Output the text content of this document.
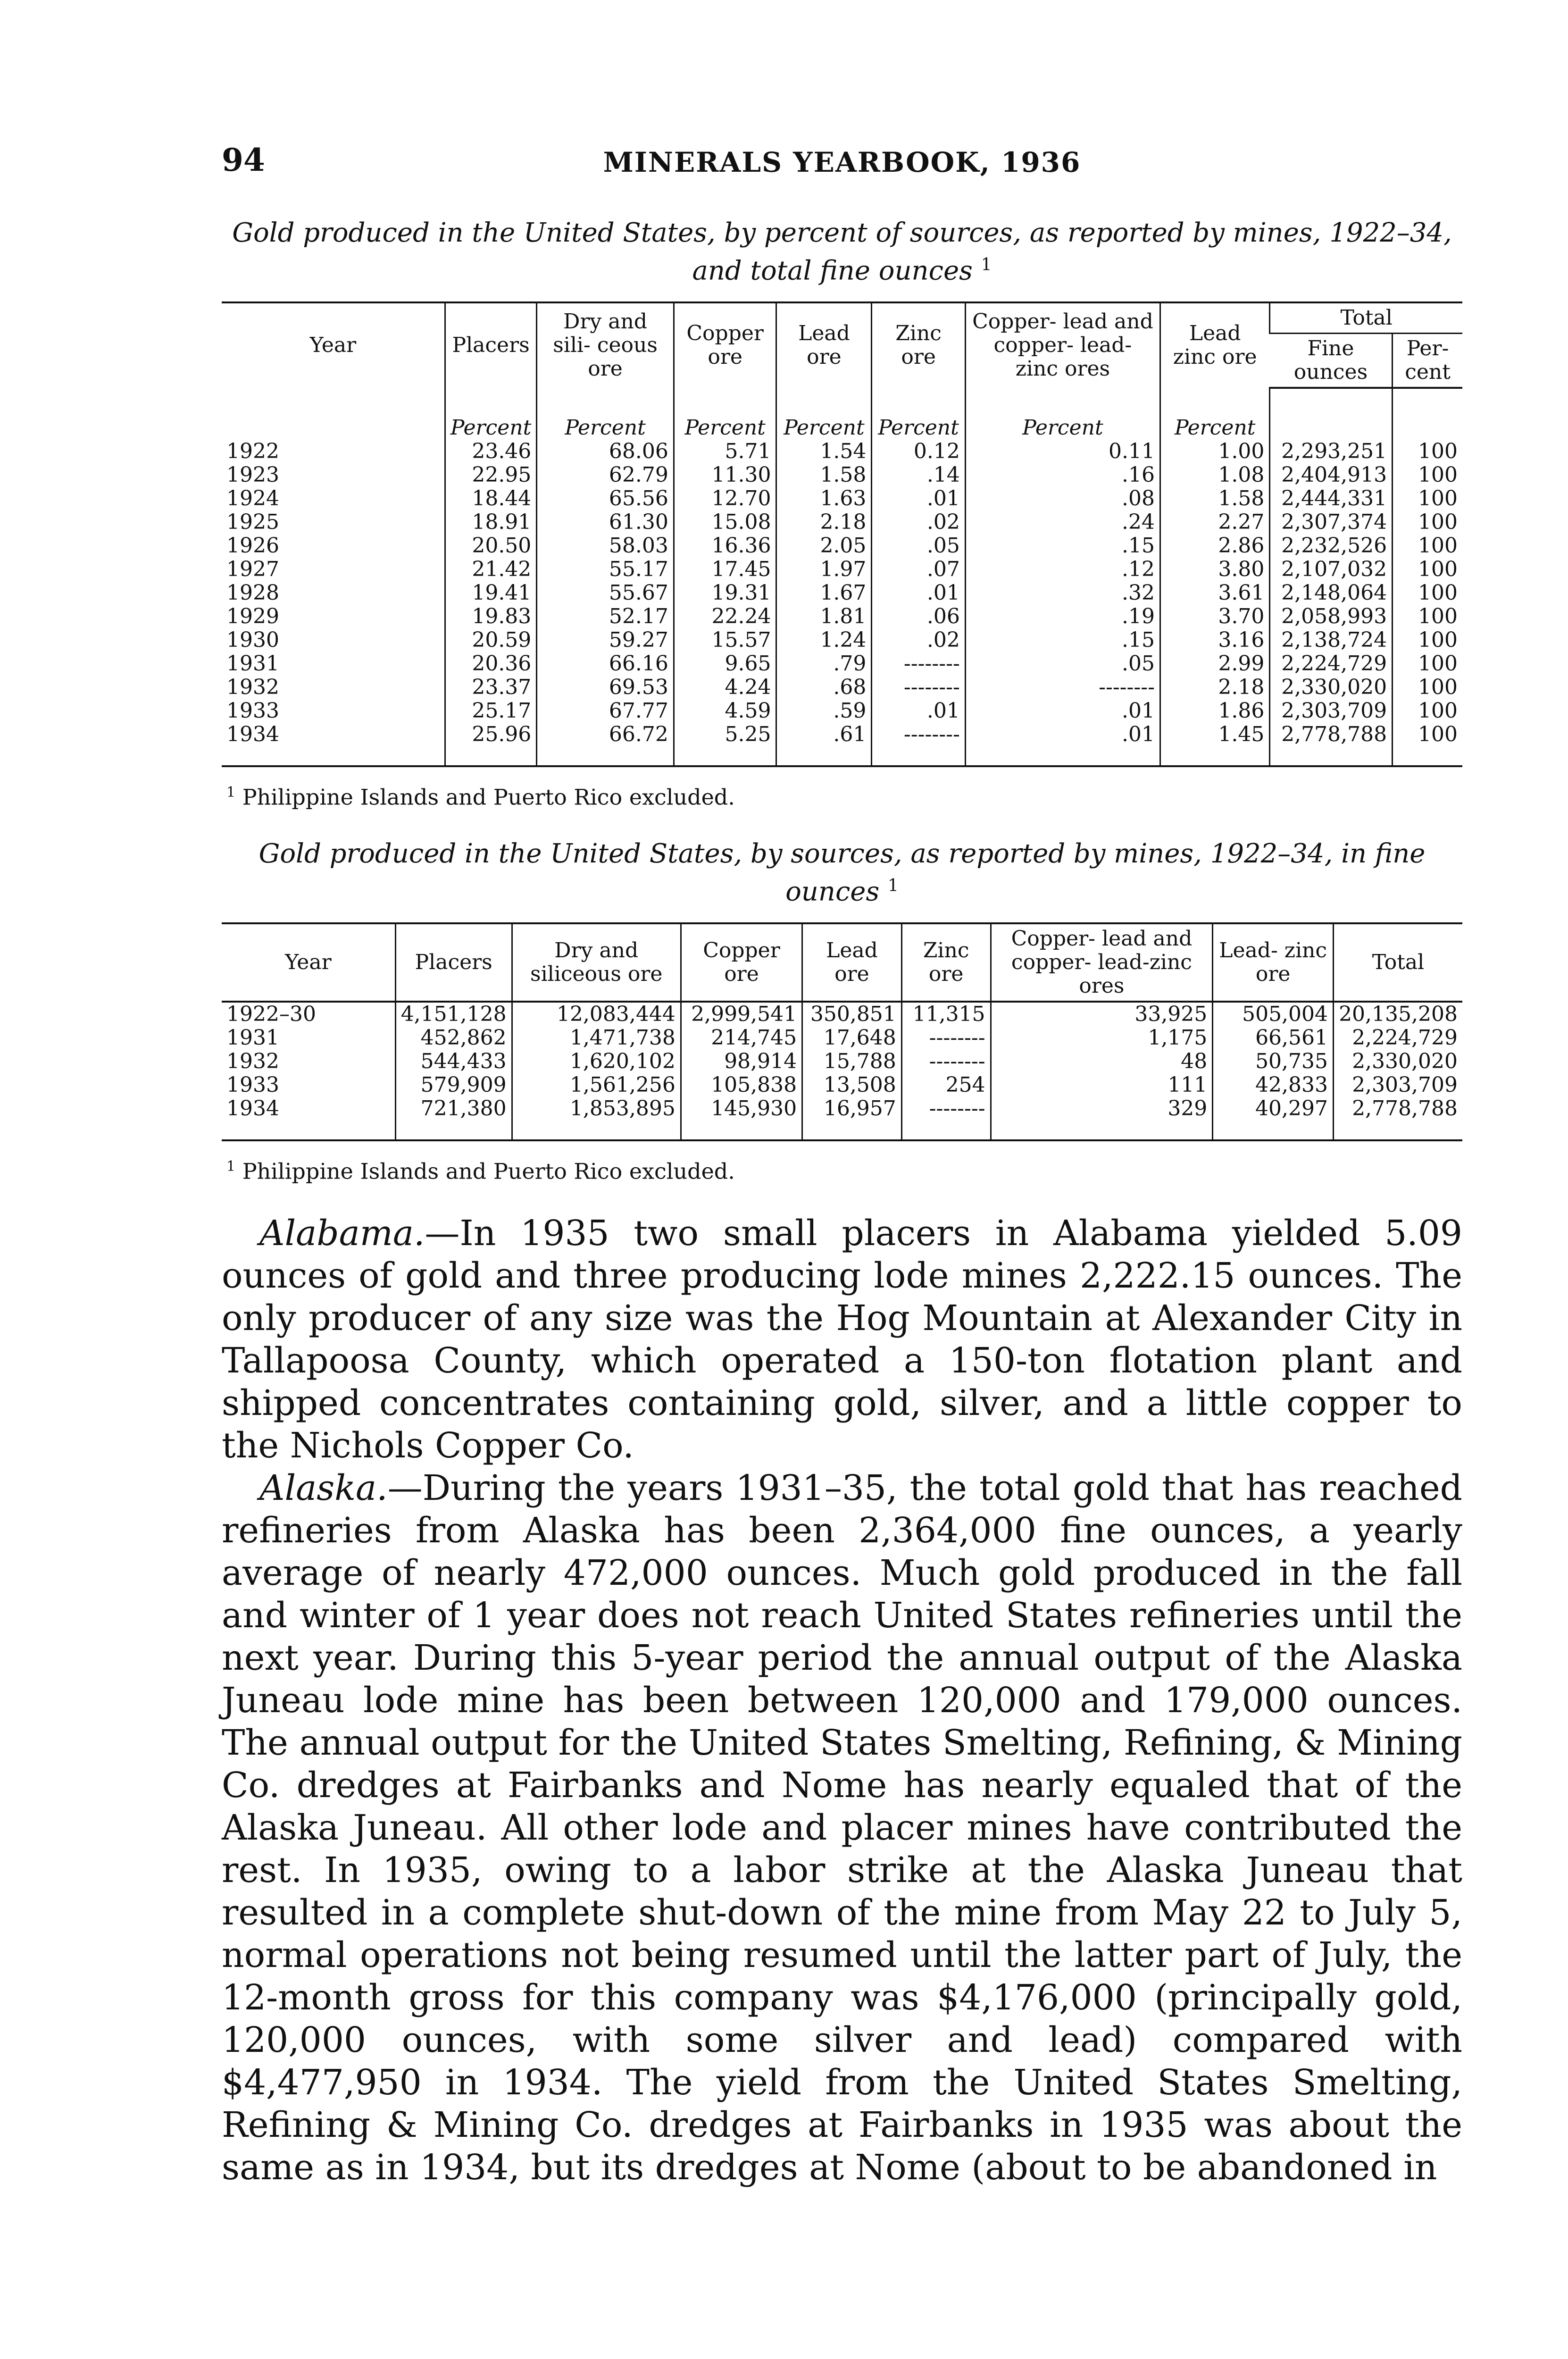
94	MINERALS YEARBOOK, 1936
Gold produced in the United States, by percent of sources, as reported by mines, 1922–34, and total fine ounces $^1$
Year	Placers	Dry and sili- ceous ore	Copper ore	Lead ore	Zinc ore	Copper- lead and copper- lead- zinc ores	Lead zinc ore	Total	
								Fine ounces	Per- cent
	Percent	Percent	Percent	Percent	Percent	Percent	Percent		
1922	23.46	68.06	5.71	1.54	0.12	0.11	1.00	2,293,251	100
1923	22.95	62.79	11.30	1.58	.14	.16	1.08	2,404,913	100
1924	18.44	65.56	12.70	1.63	.01	.08	1.58	2,444,331	100
1925	18.91	61.30	15.08	2.18	.02	.24	2.27	2,307,374	100
1926	20.50	58.03	16.36	2.05	.05	.15	2.86	2,232,526	100
1927	21.42	55.17	17.45	1.97	.07	.12	3.80	2,107,032	100
1928	19.41	55.67	19.31	1.67	.01	.32	3.61	2,148,064	100
1929	19.83	52.17	22.24	1.81	.06	.19	3.70	2,058,993	100
1930	20.59	59.27	15.57	1.24	.02	.15	3.16	2,138,724	100
1931	20.36	66.16	9.65	.79	--------	.05	2.99	2,224,729	100
1932	23.37	69.53	4.24	.68	--------	--------	2.18	2,330,020	100
1933	25.17	67.77	4.59	.59	.01	.01	1.86	2,303,709	100
1934	25.96	66.72	5.25	.61	--------	.01	1.45	2,778,788	100
$^1$ Philippine Islands and Puerto Rico excluded.
Gold produced in the United States, by sources, as reported by mines, 1922–34, in fine ounces $^1$
Year	Placers	Dry and siliceous ore	Copper ore	Lead ore	Zinc ore	Copper- lead and copper- lead-zinc ores	Lead- zinc ore	Total
1922–30	4,151,128	12,083,444	2,999,541	350,851	11,315	33,925	505,004	20,135,208
1931	452,862	1,471,738	214,745	17,648	--------	1,175	66,561	2,224,729
1932	544,433	1,620,102	98,914	15,788	--------	48	50,735	2,330,020
1933	579,909	1,561,256	105,838	13,508	254	111	42,833	2,303,709
1934	721,380	1,853,895	145,930	16,957	--------	329	40,297	2,778,788
$^1$ Philippine Islands and Puerto Rico excluded.

Alabama.—In 1935 two small placers in Alabama yielded 5.09 ounces of gold and three producing lode mines 2,222.15 ounces. The only producer of any size was the Hog Mountain at Alexander City in Tallapoosa County, which operated a 150-ton flotation plant and shipped concentrates containing gold, silver, and a little copper to the Nichols Copper Co.

Alaska.—During the years 1931–35, the total gold that has reached refineries from Alaska has been 2,364,000 fine ounces, a yearly average of nearly 472,000 ounces. Much gold produced in the fall and winter of 1 year does not reach United States refineries until the next year. During this 5-year period the annual output of the Alaska Juneau lode mine has been between 120,000 and 179,000 ounces. The annual output for the United States Smelting, Refining, & Mining Co. dredges at Fairbanks and Nome has nearly equaled that of the Alaska Juneau. All other lode and placer mines have contributed the rest. In 1935, owing to a labor strike at the Alaska Juneau that resulted in a complete shut-down of the mine from May 22 to July 5, normal operations not being resumed until the latter part of July, the 12-month gross for this company was $4,176,000 (principally gold, 120,000 ounces, with some silver and lead) compared with $4,477,950 in 1934. The yield from the United States Smelting, Refining & Mining Co. dredges at Fairbanks in 1935 was about the same as in 1934, but its dredges at Nome (about to be abandoned in
